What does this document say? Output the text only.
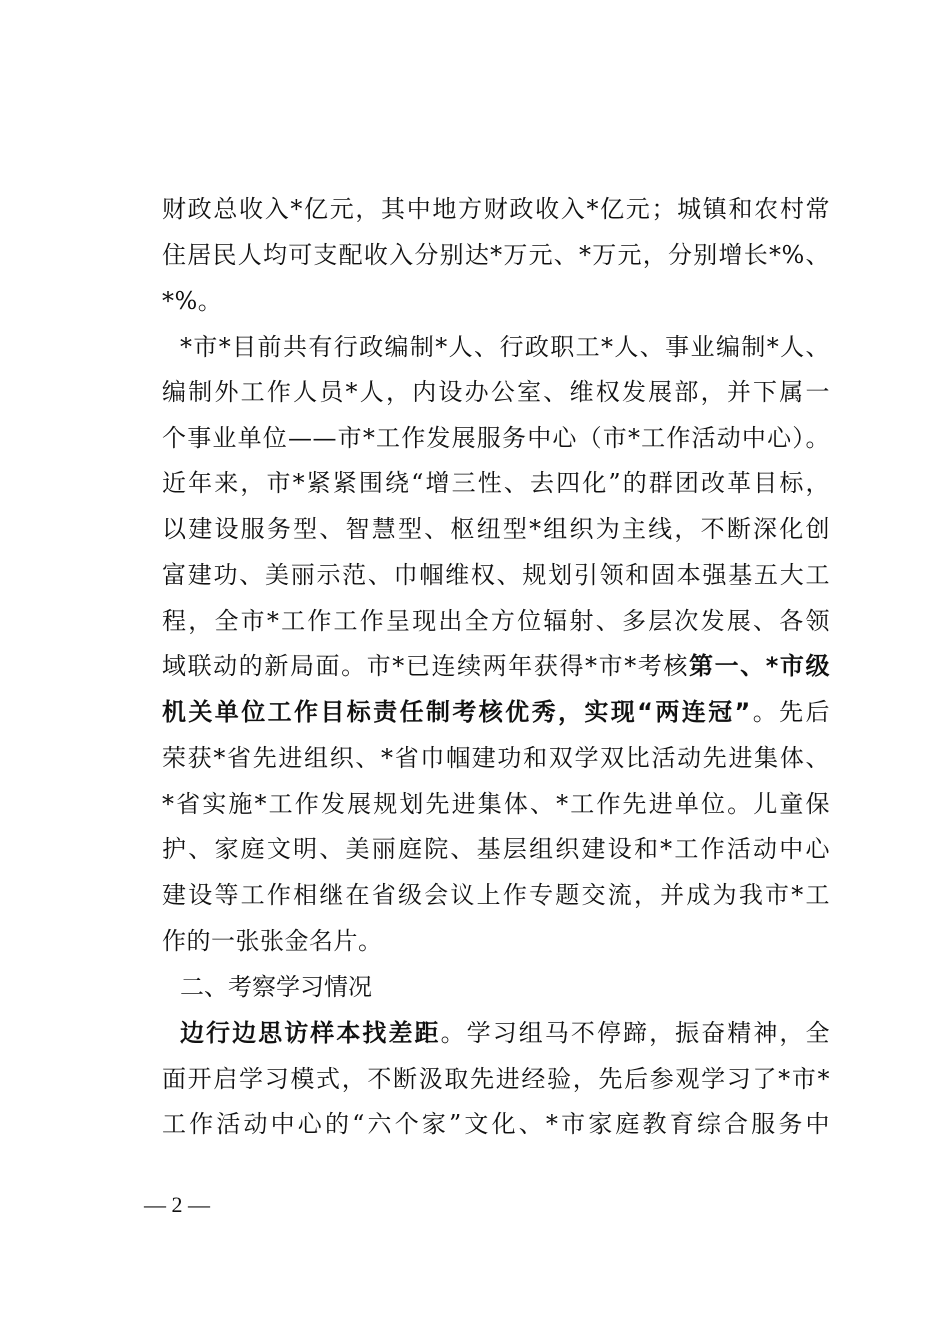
财政总收入*亿元，其中地方财政收入*亿元；城镇和农村常
住居民人均可支配收入分别达*万元、*万元，分别增长*%、
*%。
*市*目前共有行政编制*人、行政职工*人、事业编制*人、
编制外工作人员*人，内设办公室、维权发展部，并下属一
个事业单位——市*工作发展服务中心（市*工作活动中心）。
近年来，市*紧紧围绕“增三性、去四化”的群团改革目标，
以建设服务型、智慧型、枢纽型*组织为主线，不断深化创
富建功、美丽示范、巾帼维权、规划引领和固本强基五大工
程，全市*工作工作呈现出全方位辐射、多层次发展、各领
域联动的新局面。市*已连续两年获得*市*考核第一、*市级
机关单位工作目标责任制考核优秀，实现“两连冠”。先后
荣获*省先进组织、*省巾帼建功和双学双比活动先进集体、
*省实施*工作发展规划先进集体、*工作先进单位。儿童保
护、家庭文明、美丽庭院、基层组织建设和*工作活动中心
建设等工作相继在省级会议上作专题交流，并成为我市*工
作的一张张金名片。
二、考察学习情况
边行边思访样本找差距。学习组马不停蹄，振奋精神，全
面开启学习模式，不断汲取先进经验，先后参观学习了*市*
工作活动中心的“六个家”文化、*市家庭教育综合服务中
— 2 —
